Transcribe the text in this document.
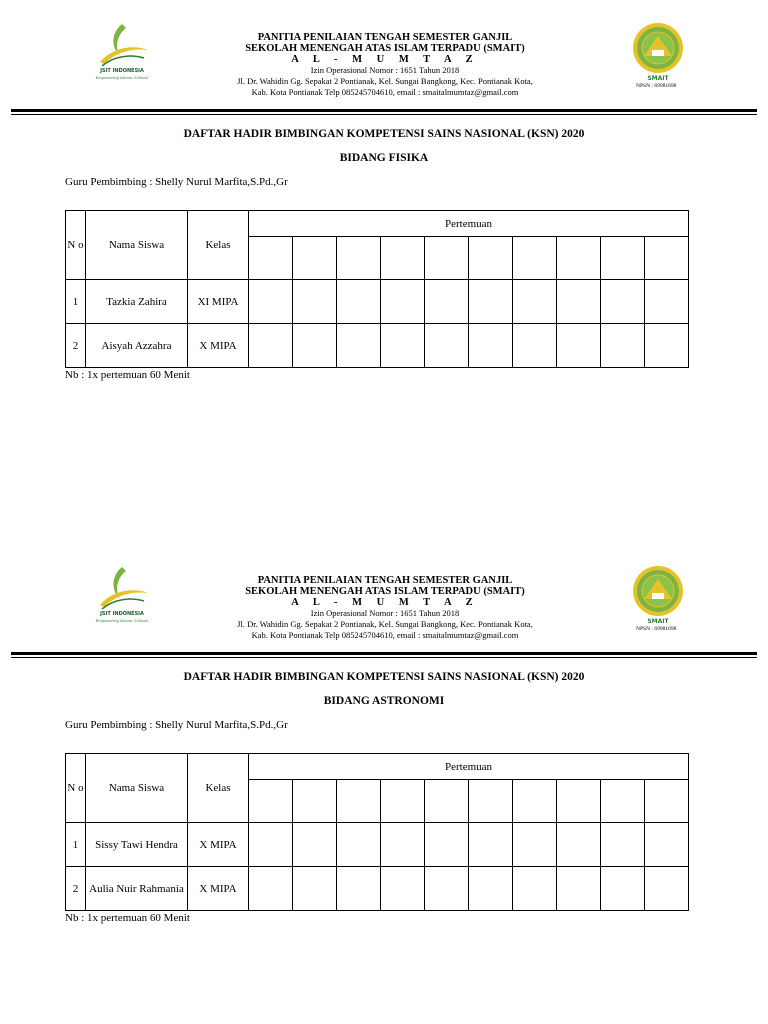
JSIT INDONESIA
Empowering Islamic Schools
PANITIA PENILAIAN TENGAH SEMESTER GANJIL
SEKOLAH MENENGAH ATAS ISLAM TERPADU (SMAIT)
A L - M U M T A Z
Izin Operasional Nomor : 1651 Tahun 2018
Jl. Dr. Wahidin Gg. Sepakat 2 Pontianak, Kel. Sungai Bangkong, Kec. Pontianak Kota,
Kab. Kota Pontianak Telp 085245704610, email : smaitalmumtaz@gmail.com
SMAIT
NPSN : 69981698
DAFTAR HADIR BIMBINGAN KOMPETENSI SAINS NASIONAL (KSN) 2020
BIDANG FISIKA
Guru Pembimbing : Shelly Nurul Marfita,S.Pd.,Gr
N o	Nama Siswa	Kelas	Pertemuan									

1	Tazkia Zahira	XI MIPA										
2	Aisyah Azzahra	X MIPA										
Nb : 1x pertemuan 60 Menit
JSIT INDONESIA
Empowering Islamic Schools
PANITIA PENILAIAN TENGAH SEMESTER GANJIL
SEKOLAH MENENGAH ATAS ISLAM TERPADU (SMAIT)
A L - M U M T A Z
Izin Operasional Nomor : 1651 Tahun 2018
Jl. Dr. Wahidin Gg. Sepakat 2 Pontianak, Kel. Sungai Bangkong, Kec. Pontianak Kota,
Kab. Kota Pontianak Telp 085245704610, email : smaitalmumtaz@gmail.com
SMAIT
NPSN : 69981698
DAFTAR HADIR BIMBINGAN KOMPETENSI SAINS NASIONAL (KSN) 2020
BIDANG ASTRONOMI
Guru Pembimbing : Shelly Nurul Marfita,S.Pd.,Gr
N o	Nama Siswa	Kelas	Pertemuan									

1	Sissy Tawi Hendra	X MIPA										
2	Aulia Nuir Rahmania	X MIPA										
Nb : 1x pertemuan 60 Menit
